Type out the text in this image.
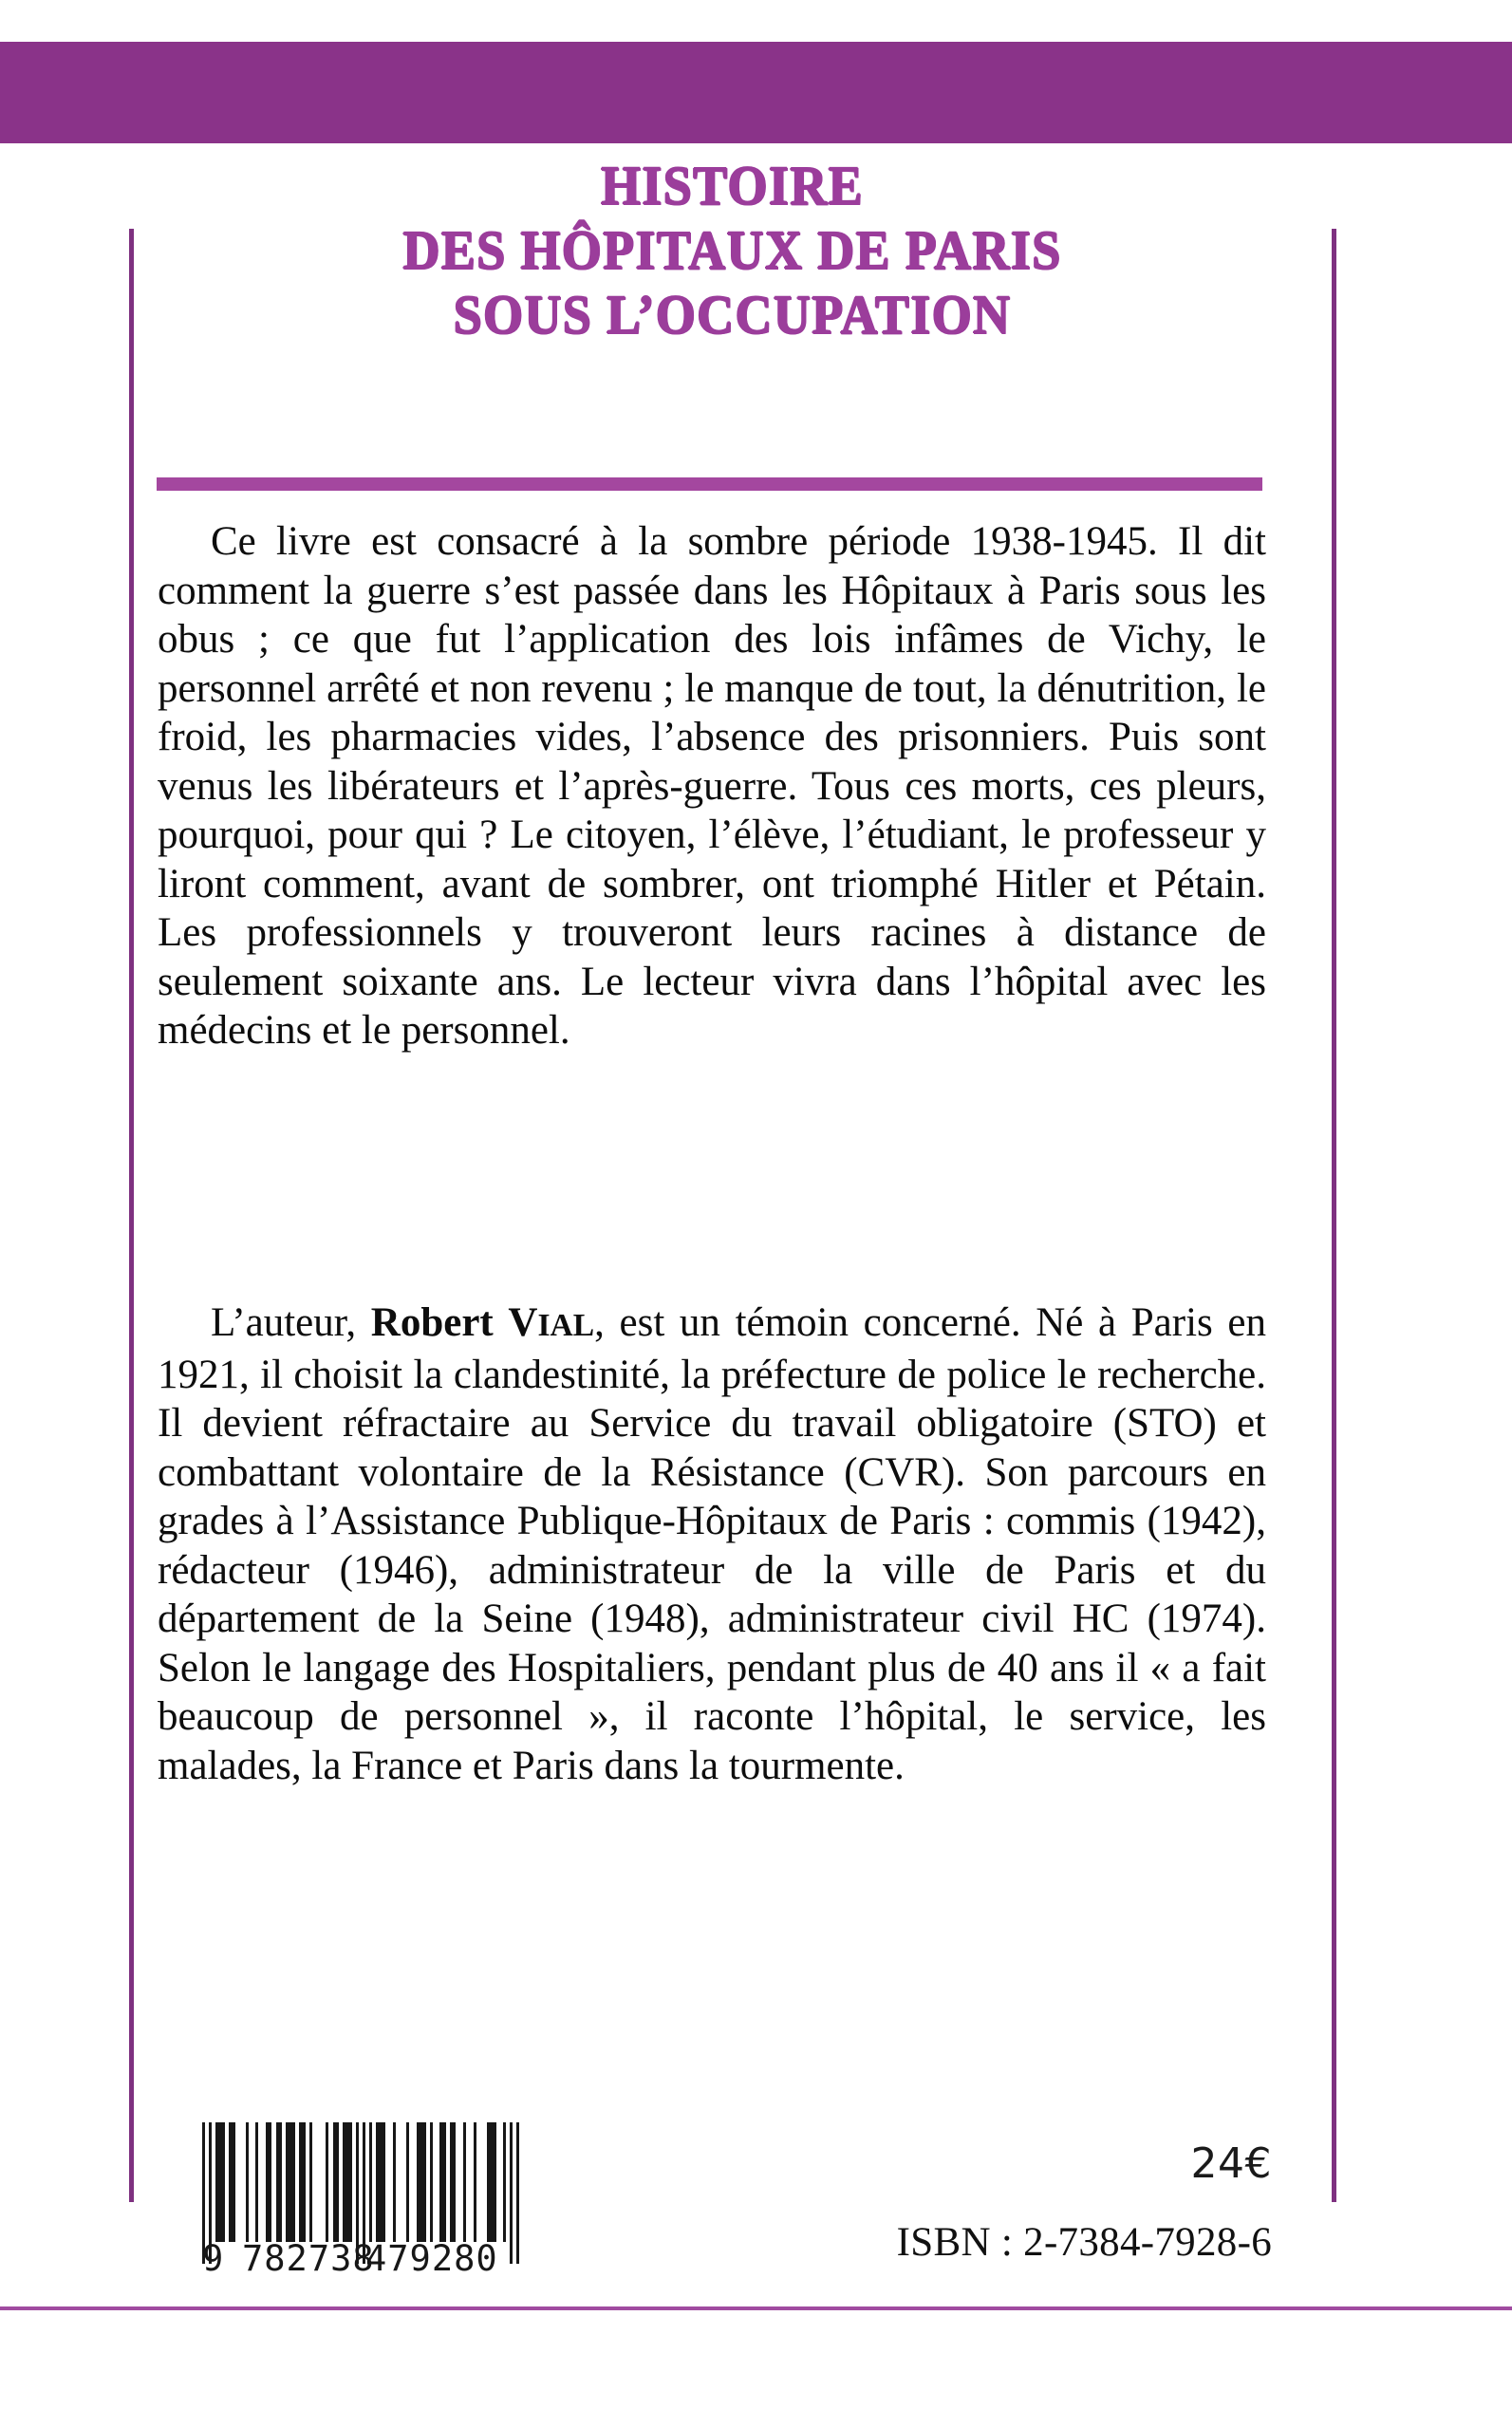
HISTOIRE
DES HÔPITAUX DE PARIS
SOUS L’OCCUPATION

Ce livre est consacré à la sombre période 1938-1945. Il dit comment la guerre s’est passée dans les Hôpitaux à Paris sous les obus ; ce que fut l’application des lois infâmes de Vichy, le personnel arrêté et non revenu ; le manque de tout, la dénutrition, le froid, les pharmacies vides, l’absence des prisonniers. Puis sont venus les libérateurs et l’après-guerre. Tous ces morts, ces pleurs, pourquoi, pour qui ? Le citoyen, l’élève, l’étudiant, le professeur y liront comment, avant de sombrer, ont triomphé Hitler et Pétain. Les professionnels y trouveront leurs racines à distance de seulement soixante ans. Le lecteur vivra dans l’hôpital avec les médecins et le personnel.

L’auteur, Robert VIAL, est un témoin concerné. Né à Paris en 1921, il choisit la clandestinité, la préfecture de police le recherche. Il devient réfractaire au Service du travail obligatoire (STO) et combattant volontaire de la Résistance (CVR). Son parcours en grades à l’Assistance Publique-Hôpitaux de Paris : commis (1942), rédacteur (1946), administrateur de la ville de Paris et du département de la Seine (1948), administrateur civil HC (1974). Selon le langage des Hospitaliers, pendant plus de 40 ans il « a fait beaucoup de personnel », il raconte l’hôpital, le service, les malades, la France et Paris dans la tourmente.

9 782738
479280
24€
ISBN : 2-7384-7928-6
